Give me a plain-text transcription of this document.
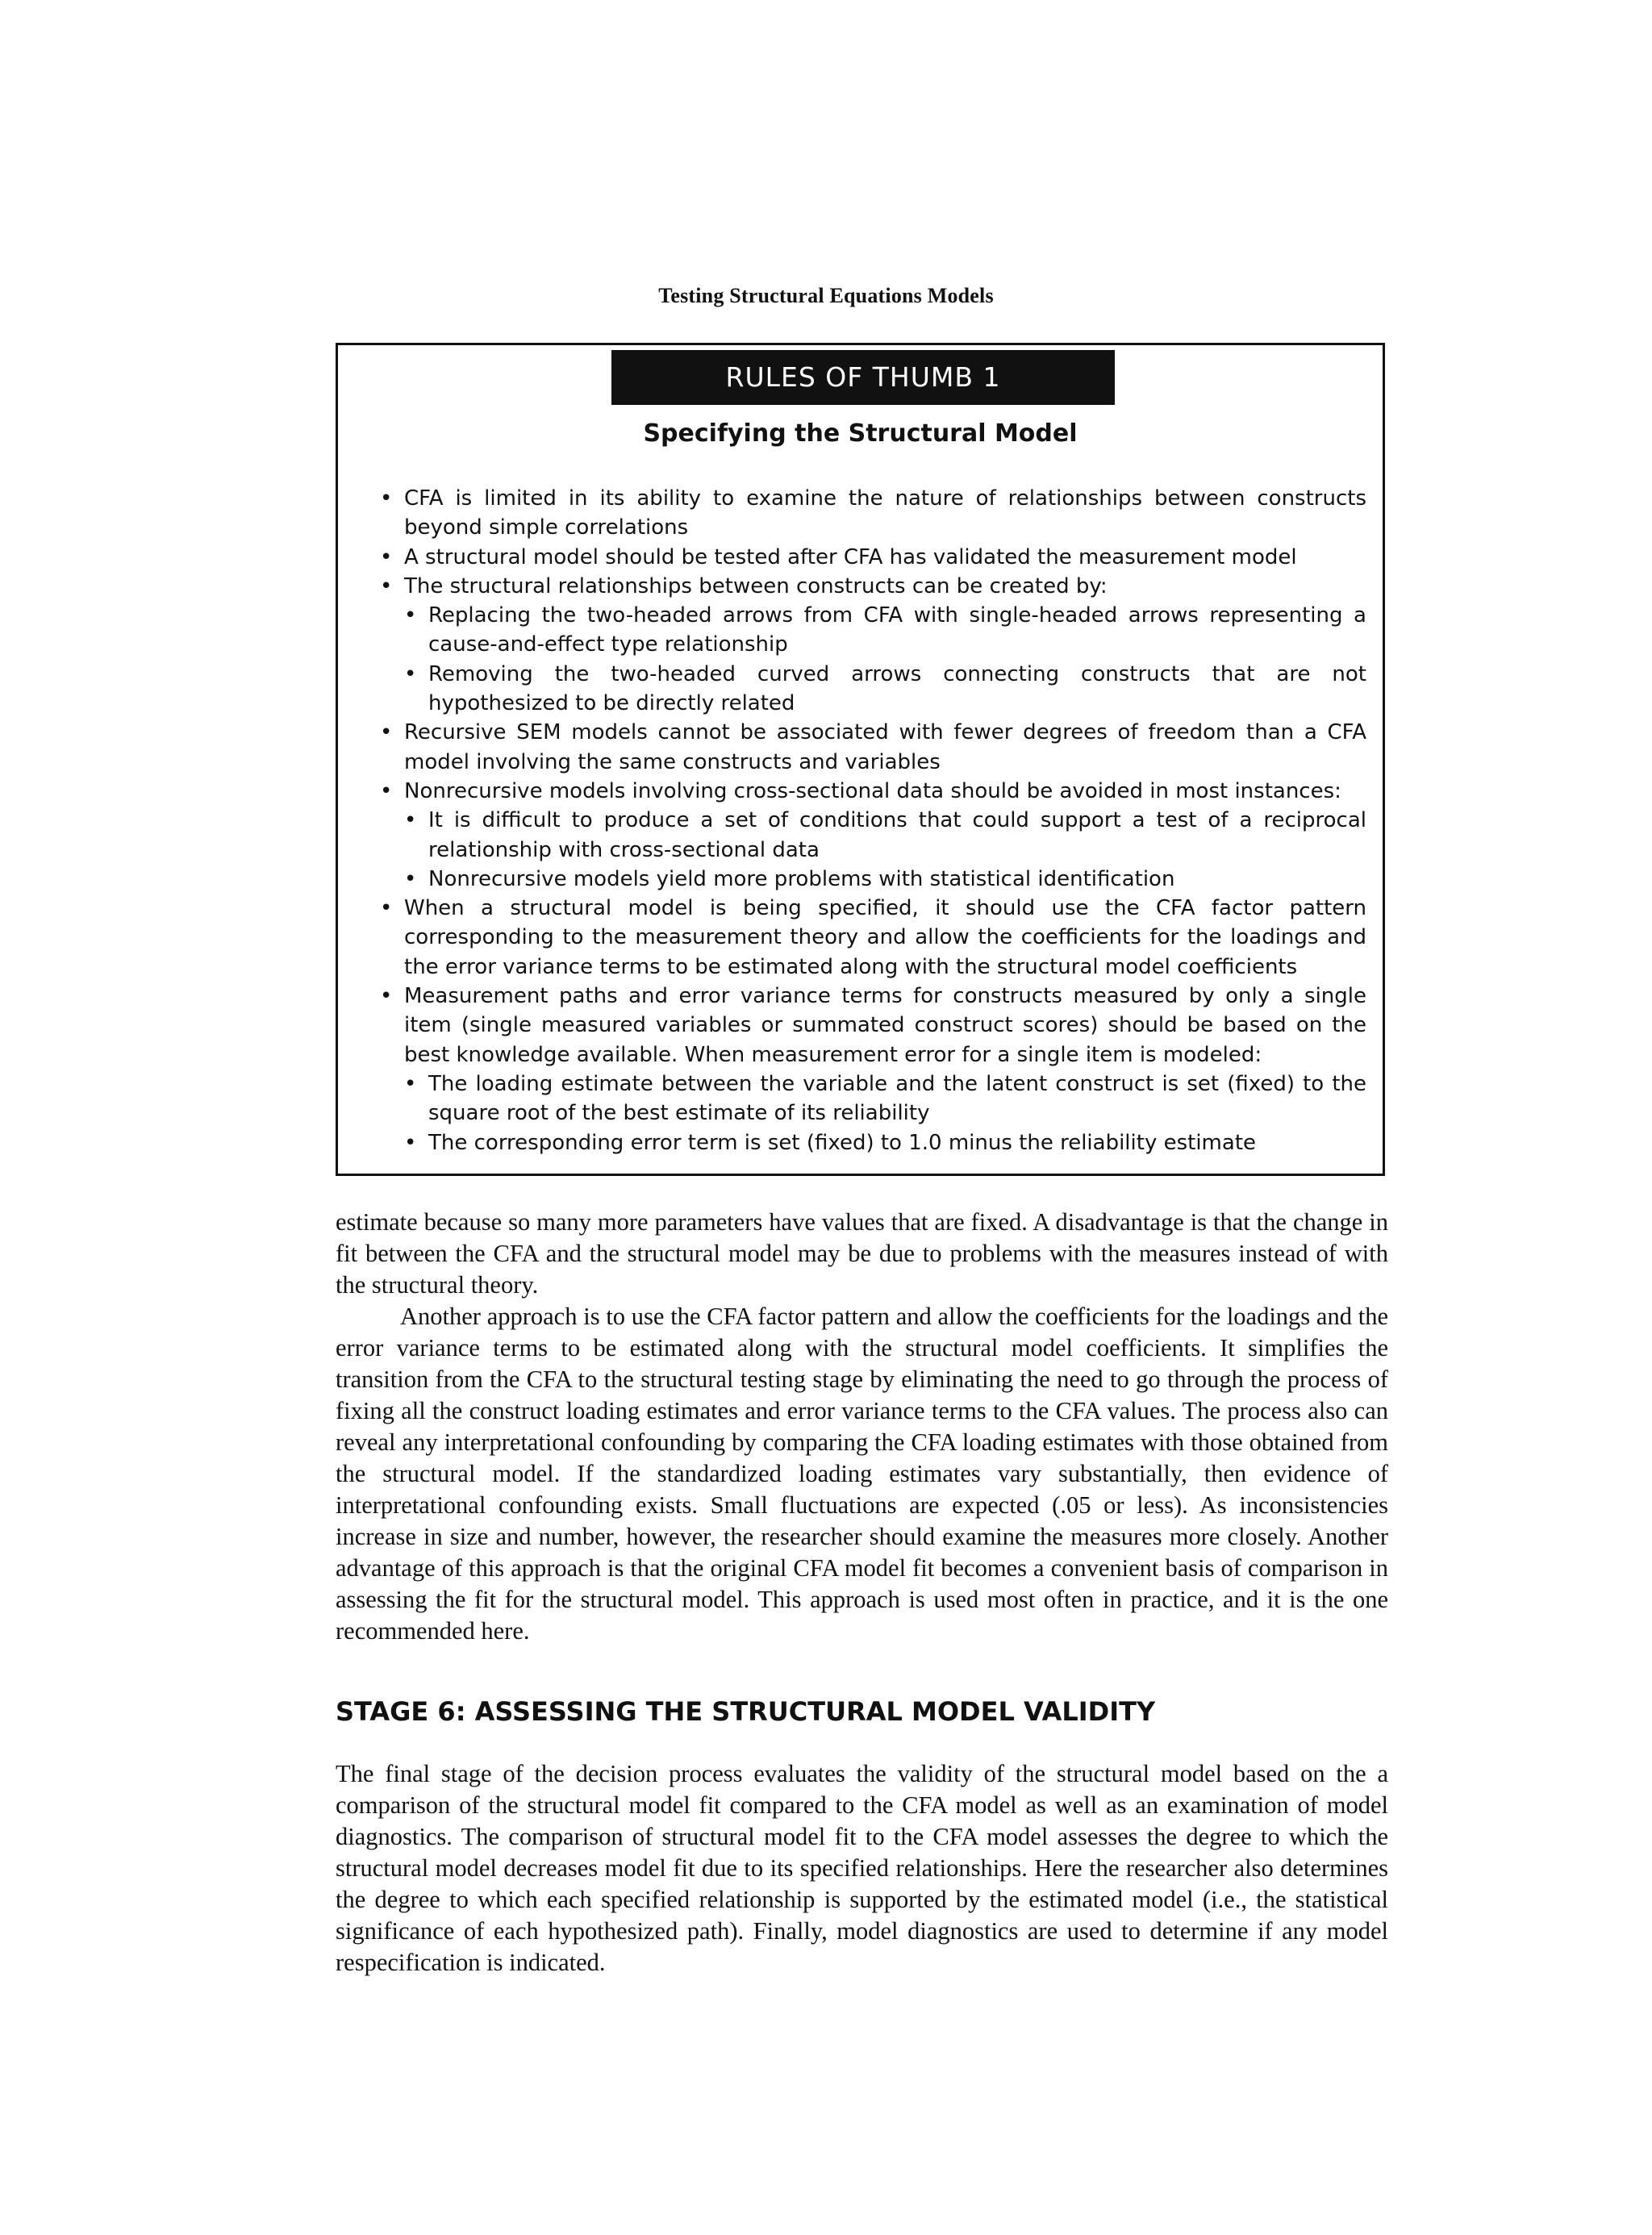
Testing Structural Equations Models
RULES OF THUMB 1
Specifying the Structural Model
• CFA is limited in its ability to examine the nature of relationships between constructs beyond simple correlations
• A structural model should be tested after CFA has validated the measurement model
• The structural relationships between constructs can be created by:
• Replacing the two-headed arrows from CFA with single-headed arrows representing a cause-and-effect type relationship
• Removing the two-headed curved arrows connecting constructs that are not hypothesized to be directly related
• Recursive SEM models cannot be associated with fewer degrees of freedom than a CFA model involving the same constructs and variables
• Nonrecursive models involving cross-sectional data should be avoided in most instances:
• It is difficult to produce a set of conditions that could support a test of a reciprocal relationship with cross-sectional data
• Nonrecursive models yield more problems with statistical identification
• When a structural model is being specified, it should use the CFA factor pattern corresponding to the measurement theory and allow the coefficients for the loadings and the error variance terms to be estimated along with the structural model coefficients
• Measurement paths and error variance terms for constructs measured by only a single item (single measured variables or summated construct scores) should be based on the best knowledge available. When measurement error for a single item is modeled:
• The loading estimate between the variable and the latent construct is set (fixed) to the square root of the best estimate of its reliability
• The corresponding error term is set (fixed) to 1.0 minus the reliability estimate

estimate because so many more parameters have values that are fixed. A disadvantage is that the change in fit between the CFA and the structural model may be due to problems with the measures instead of with the structural theory.

Another approach is to use the CFA factor pattern and allow the coefficients for the loadings and the error variance terms to be estimated along with the structural model coefficients. It simplifies the transition from the CFA to the structural testing stage by eliminating the need to go through the process of fixing all the construct loading estimates and error variance terms to the CFA values. The process also can reveal any interpretational confounding by comparing the CFA loading estimates with those obtained from the structural model. If the standardized loading estimates vary substantially, then evidence of interpretational confounding exists. Small fluctuations are expected (.05 or less). As inconsistencies increase in size and number, however, the researcher should examine the measures more closely. Another advantage of this approach is that the original CFA model fit becomes a convenient basis of comparison in assessing the fit for the structural model. This approach is used most often in practice, and it is the one recommended here.

STAGE 6: ASSESSING THE STRUCTURAL MODEL VALIDITY

The final stage of the decision process evaluates the validity of the structural model based on the a comparison of the structural model fit compared to the CFA model as well as an examination of model diagnostics. The comparison of structural model fit to the CFA model assesses the degree to which the structural model decreases model fit due to its specified relationships. Here the researcher also determines the degree to which each specified relationship is supported by the estimated model (i.e., the statistical significance of each hypothesized path). Finally, model diagnostics are used to determine if any model respecification is indicated.
